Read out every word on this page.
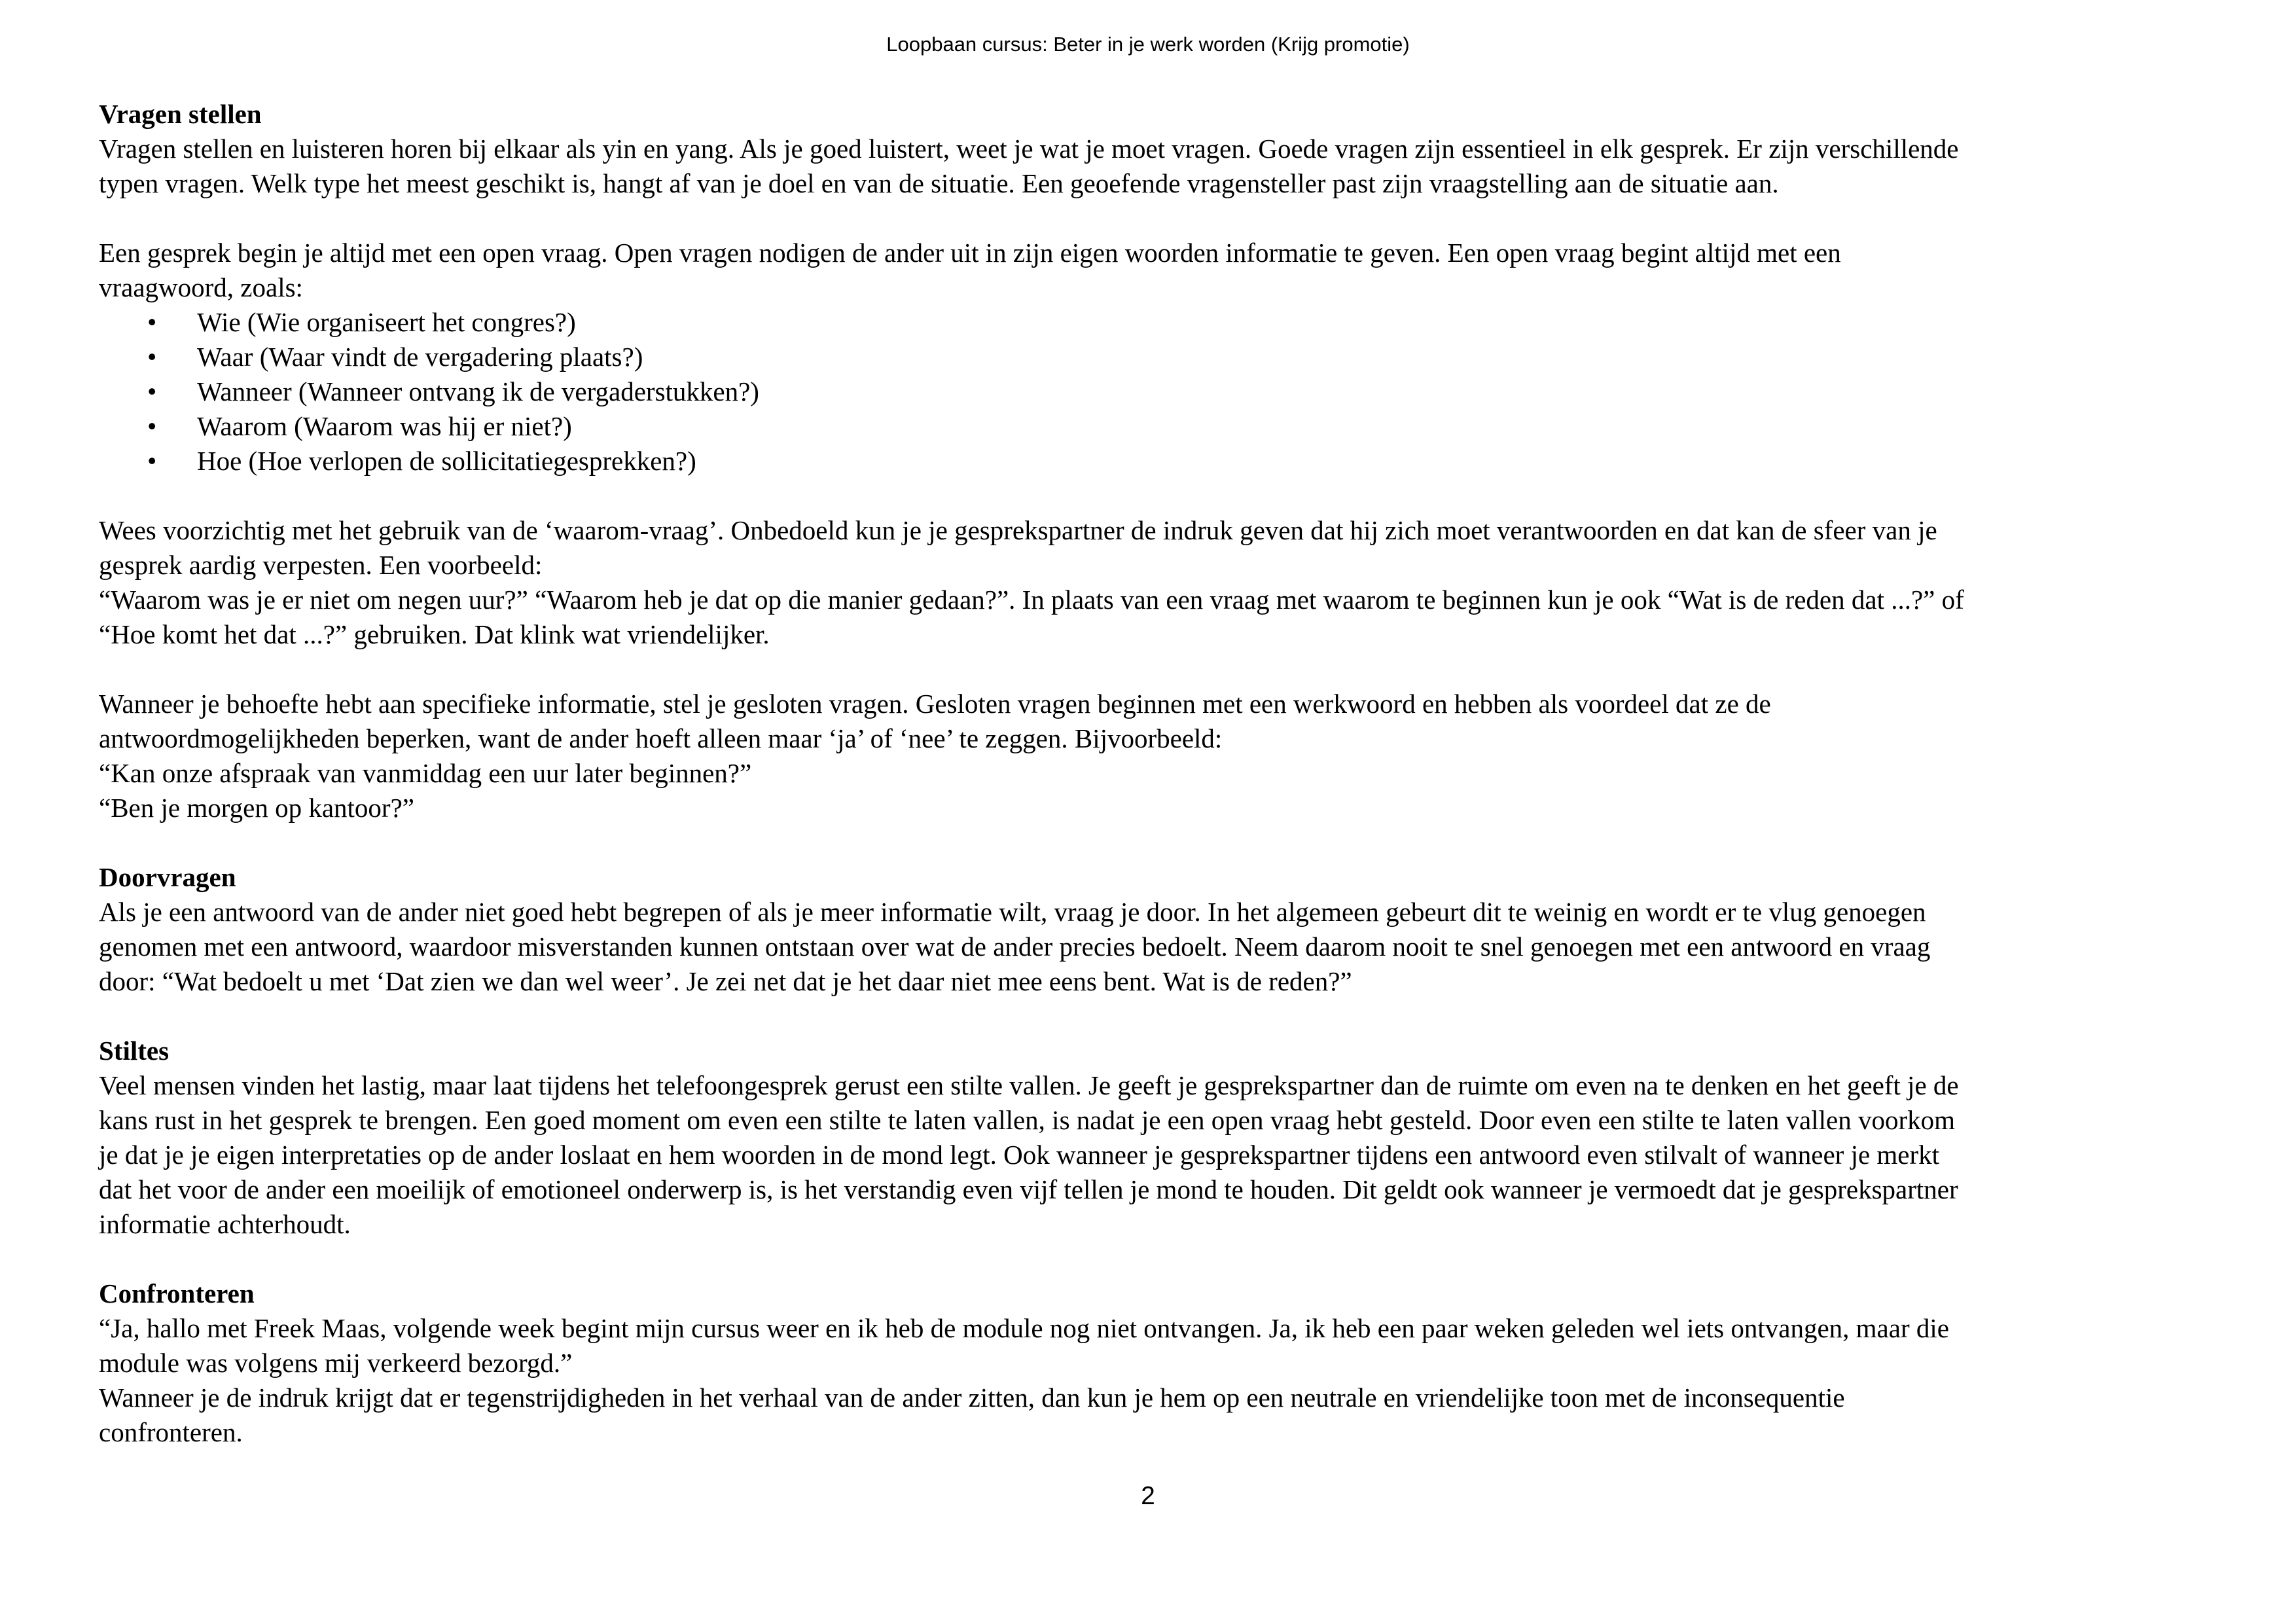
Loopbaan cursus: Beter in je werk worden (Krijg promotie)

Vragen stellen

Vragen stellen en luisteren horen bij elkaar als yin en yang. Als je goed luistert, weet je wat je moet vragen. Goede vragen zijn essentieel in elk gesprek. Er zijn verschillende

typen vragen. Welk type het meest geschikt is, hangt af van je doel en van de situatie. Een geoefende vragensteller past zijn vraagstelling aan de situatie aan.

Een gesprek begin je altijd met een open vraag. Open vragen nodigen de ander uit in zijn eigen woorden informatie te geven. Een open vraag begint altijd met een

vraagwoord, zoals:

• Wie (Wie organiseert het congres?)
• Waar (Waar vindt de vergadering plaats?)
• Wanneer (Wanneer ontvang ik de vergaderstukken?)
• Waarom (Waarom was hij er niet?)
• Hoe (Hoe verlopen de sollicitatiegesprekken?)

Wees voorzichtig met het gebruik van de ‘waarom-vraag’. Onbedoeld kun je je gesprekspartner de indruk geven dat hij zich moet verantwoorden en dat kan de sfeer van je

gesprek aardig verpesten. Een voorbeeld:

“Waarom was je er niet om negen uur?” “Waarom heb je dat op die manier gedaan?”. In plaats van een vraag met waarom te beginnen kun je ook “Wat is de reden dat ...?” of

“Hoe komt het dat ...?” gebruiken. Dat klink wat vriendelijker.

Wanneer je behoefte hebt aan specifieke informatie, stel je gesloten vragen. Gesloten vragen beginnen met een werkwoord en hebben als voordeel dat ze de

antwoordmogelijkheden beperken, want de ander hoeft alleen maar ‘ja’ of ‘nee’ te zeggen. Bijvoorbeeld:

“Kan onze afspraak van vanmiddag een uur later beginnen?”

“Ben je morgen op kantoor?”

Doorvragen

Als je een antwoord van de ander niet goed hebt begrepen of als je meer informatie wilt, vraag je door. In het algemeen gebeurt dit te weinig en wordt er te vlug genoegen

genomen met een antwoord, waardoor misverstanden kunnen ontstaan over wat de ander precies bedoelt. Neem daarom nooit te snel genoegen met een antwoord en vraag

door: “Wat bedoelt u met ‘Dat zien we dan wel weer’. Je zei net dat je het daar niet mee eens bent. Wat is de reden?”

Stiltes

Veel mensen vinden het lastig, maar laat tijdens het telefoongesprek gerust een stilte vallen. Je geeft je gesprekspartner dan de ruimte om even na te denken en het geeft je de

kans rust in het gesprek te brengen. Een goed moment om even een stilte te laten vallen, is nadat je een open vraag hebt gesteld. Door even een stilte te laten vallen voorkom

je dat je je eigen interpretaties op de ander loslaat en hem woorden in de mond legt. Ook wanneer je gesprekspartner tijdens een antwoord even stilvalt of wanneer je merkt

dat het voor de ander een moeilijk of emotioneel onderwerp is, is het verstandig even vijf tellen je mond te houden. Dit geldt ook wanneer je vermoedt dat je gesprekspartner

informatie achterhoudt.

Confronteren

“Ja, hallo met Freek Maas, volgende week begint mijn cursus weer en ik heb de module nog niet ontvangen. Ja, ik heb een paar weken geleden wel iets ontvangen, maar die

module was volgens mij verkeerd bezorgd.”

Wanneer je de indruk krijgt dat er tegenstrijdigheden in het verhaal van de ander zitten, dan kun je hem op een neutrale en vriendelijke toon met de inconsequentie

confronteren.

2
